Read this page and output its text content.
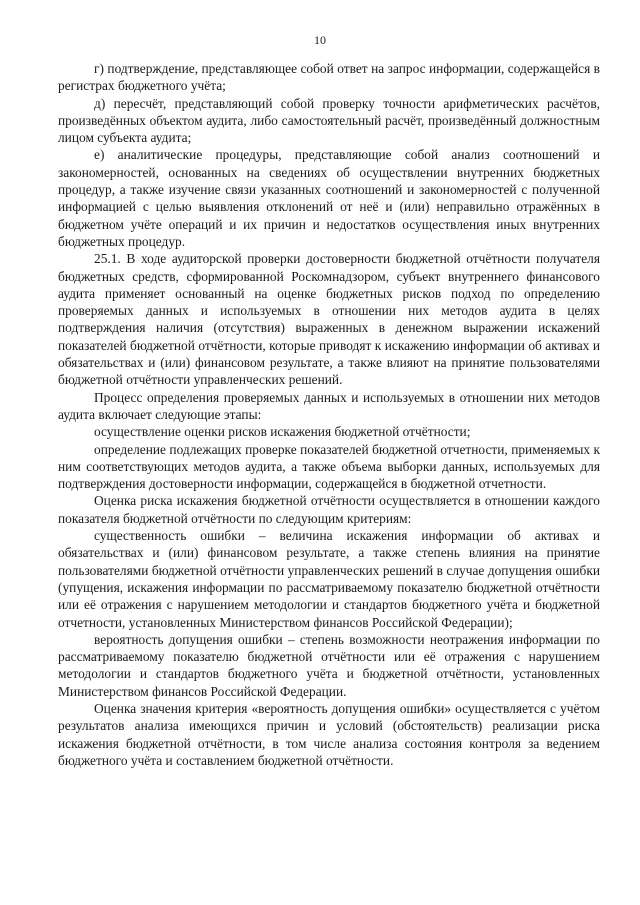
10

г) подтверждение, представляющее собой ответ на запрос информации, содержащейся в регистрах бюджетного учёта;

д) пересчёт, представляющий собой проверку точности арифметических расчётов, произведённых объектом аудита, либо самостоятельный расчёт, произведённый должностным лицом субъекта аудита;

е) аналитические процедуры, представляющие собой анализ соотношений и закономерностей, основанных на сведениях об осуществлении внутренних бюджетных процедур, а также изучение связи указанных соотношений и закономерностей с полученной информацией с целью выявления отклонений от неё и (или) неправильно отражённых в бюджетном учёте операций и их причин и недостатков осуществления иных внутренних бюджетных процедур.

25.1. В ходе аудиторской проверки достоверности бюджетной отчётности получателя бюджетных средств, сформированной Роскомнадзором, субъект внутреннего финансового аудита применяет основанный на оценке бюджетных рисков подход по определению проверяемых данных и используемых в отношении них методов аудита в целях подтверждения наличия (отсутствия) выраженных в денежном выражении искажений показателей бюджетной отчётности, которые приводят к искажению информации об активах и обязательствах и (или) финансовом результате, а также влияют на принятие пользователями бюджетной отчётности управленческих решений.

Процесс определения проверяемых данных и используемых в отношении них методов аудита включает следующие этапы:

осуществление оценки рисков искажения бюджетной отчётности;

определение подлежащих проверке показателей бюджетной отчетности, применяемых к ним соответствующих методов аудита, а также объема выборки данных, используемых для подтверждения достоверности информации, содержащейся в бюджетной отчетности.

Оценка риска искажения бюджетной отчётности осуществляется в отношении каждого показателя бюджетной отчётности по следующим критериям:

существенность ошибки – величина искажения информации об активах и обязательствах и (или) финансовом результате, а также степень влияния на принятие пользователями бюджетной отчётности управленческих решений в случае допущения ошибки (упущения, искажения информации по рассматриваемому показателю бюджетной отчётности или её отражения с нарушением методологии и стандартов бюджетного учёта и бюджетной отчетности, установленных Министерством финансов Российской Федерации);

вероятность допущения ошибки – степень возможности неотражения информации по рассматриваемому показателю бюджетной отчётности или её отражения с нарушением методологии и стандартов бюджетного учёта и бюджетной отчётности, установленных Министерством финансов Российской Федерации.

Оценка значения критерия «вероятность допущения ошибки» осуществляется с учётом результатов анализа имеющихся причин и условий (обстоятельств) реализации риска искажения бюджетной отчётности, в том числе анализа состояния контроля за ведением бюджетного учёта и составлением бюджетной отчётности.
